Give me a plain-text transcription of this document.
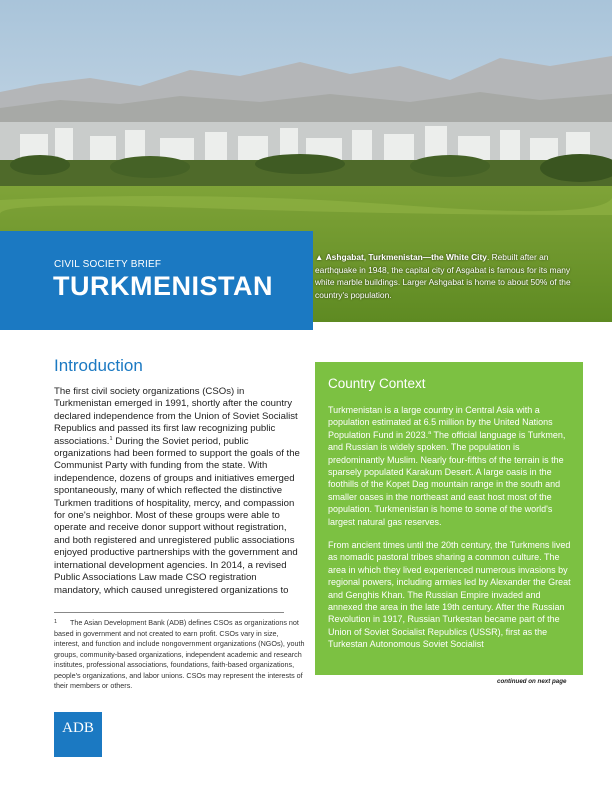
CIVIL SOCIETY BRIEF
TURKMENISTAN
▲ Ashgabat, Turkmenistan—the White City. Rebuilt after an earthquake in 1948, the capital city of Asgabat is famous for its many white marble buildings. Larger Ashgabat is home to about 50% of the country's population.
Introduction

The first civil society organizations (CSOs) in Turkmenistan emerged in 1991, shortly after the country declared independence from the Union of Soviet Socialist Republics and passed its first law recognizing public associations.$^1$ During the Soviet period, public organizations had been formed to support the goals of the Communist Party with funding from the state. With independence, dozens of groups and initiatives emerged spontaneously, many of which reflected the distinctive Turkmen traditions of hospitality, mercy, and compassion for one's neighbor. Most of these groups were able to operate and receive donor support without registration, and both registered and unregistered public associations enjoyed productive partnerships with the government and international development agencies. In 2014, a revised Public Associations Law made CSO registration mandatory, which caused unregistered organizations to

1	The Asian Development Bank (ADB) defines CSOs as organizations not based in government and not created to earn profit. CSOs vary in size, interest, and function and include nongovernment organizations (NGOs), youth groups, community-based organizations, independent academic and research institutes, professional associations, foundations, faith-based organizations, people's organizations, and labor unions. CSOs may represent the interests of their members or others.
Country Context

Turkmenistan is a large country in Central Asia with a population estimated at 6.5 million by the United Nations Population Fund in 2023.$^a$ The official language is Turkmen, and Russian is widely spoken. The population is predominantly Muslim. Nearly four-fifths of the terrain is the sparsely populated Karakum Desert. A large oasis in the foothills of the Kopet Dag mountain range in the south and smaller oases in the northeast and east host most of the population. Turkmenistan is home to some of the world's largest natural gas reserves.

From ancient times until the 20th century, the Turkmens lived as nomadic pastoral tribes sharing a common culture. The area in which they lived experienced numerous invasions by regional powers, including armies led by Alexander the Great and Genghis Khan. The Russian Empire invaded and annexed the area in the late 19th century. After the Russian Revolution in 1917, Russian Turkestan became part of the Union of Soviet Socialist Republics (USSR), first as the Turkestan Autonomous Soviet Socialist

continued on next page
ADB
